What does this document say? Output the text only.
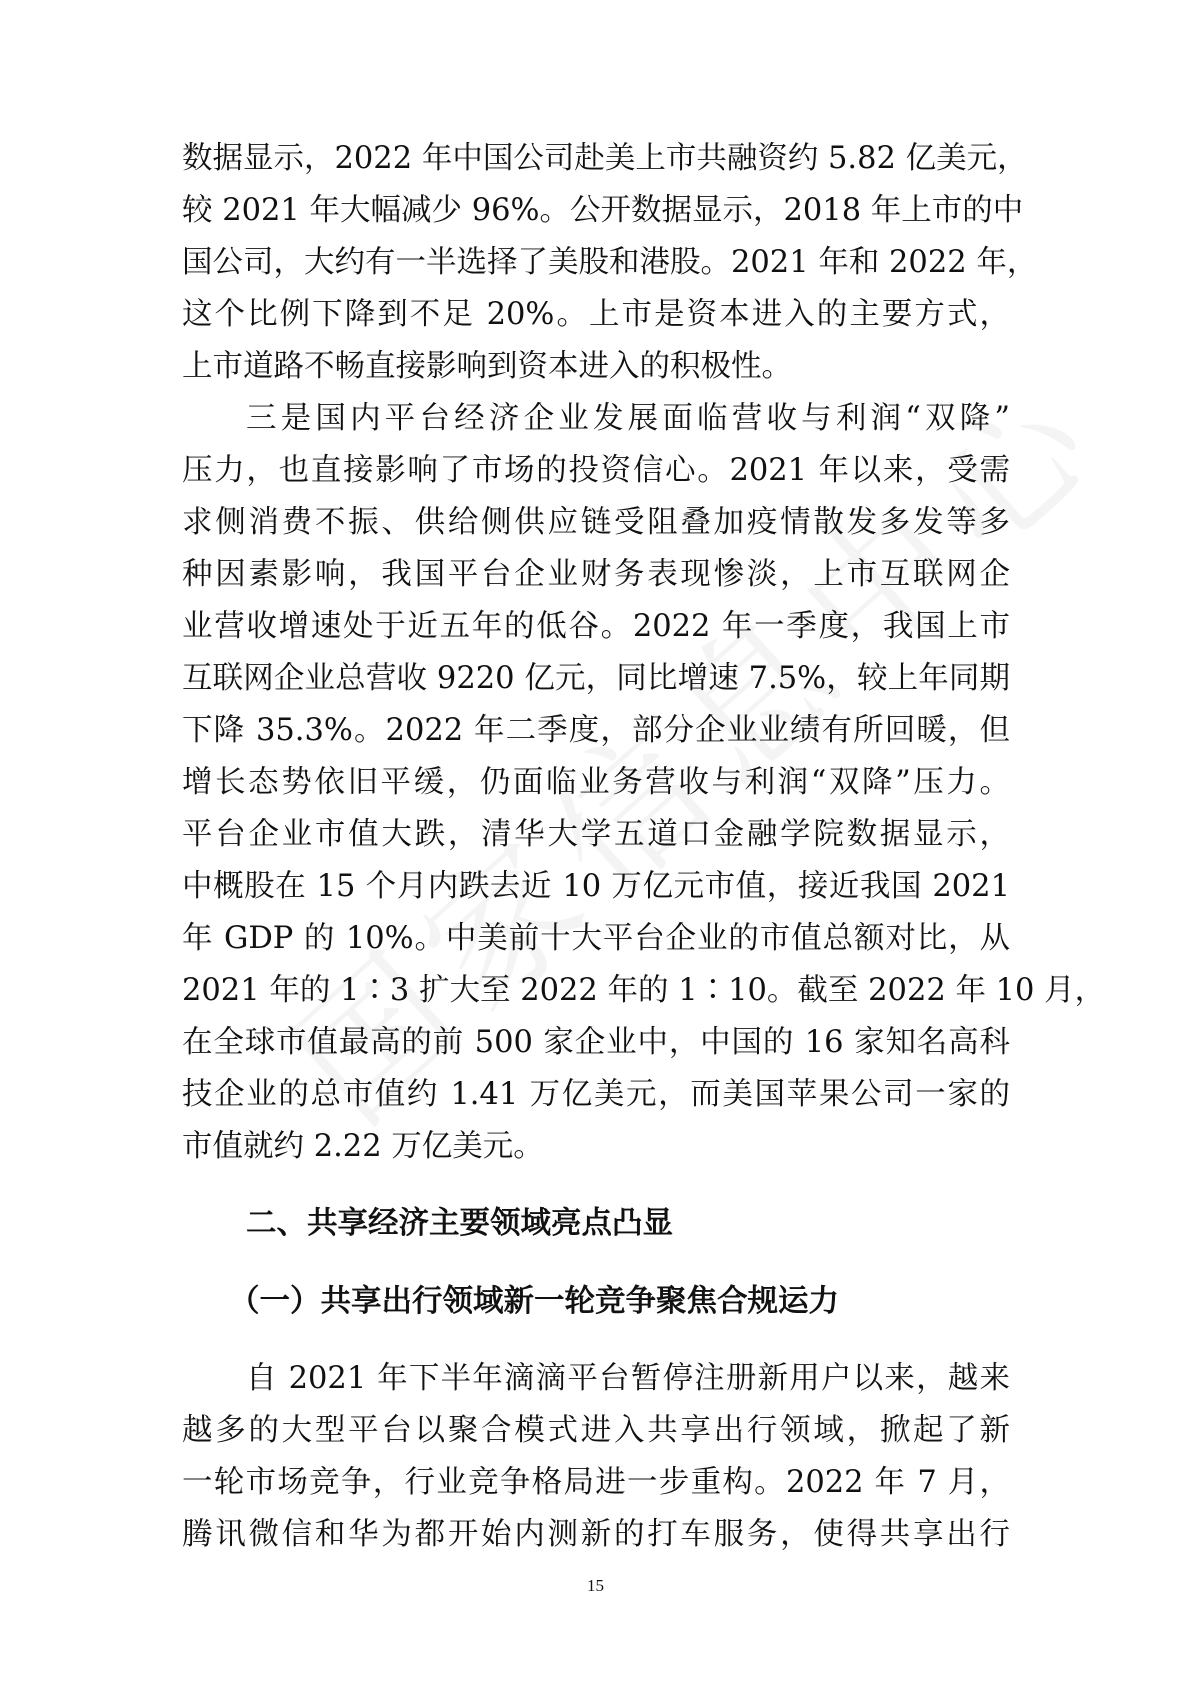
数据显示，2022 年中国公司赴美上市共融资约 5.82 亿美元，
较 2021 年大幅减少 96%。公开数据显示，2018 年上市的中
国公司，大约有一半选择了美股和港股。2021 年和 2022 年，
这个比例下降到不足 20%。上市是资本进入的主要方式，
上市道路不畅直接影响到资本进入的积极性。
三是国内平台经济企业发展面临营收与利润“双降”
压力，也直接影响了市场的投资信心。2021 年以来，受需
求侧消费不振、供给侧供应链受阻叠加疫情散发多发等多
种因素影响，我国平台企业财务表现惨淡，上市互联网企
业营收增速处于近五年的低谷。2022 年一季度，我国上市
互联网企业总营收 9220 亿元，同比增速 7.5%，较上年同期
下降 35.3%。2022 年二季度，部分企业业绩有所回暖，但
增长态势依旧平缓，仍面临业务营收与利润“双降”压力。
平台企业市值大跌，清华大学五道口金融学院数据显示，
中概股在 15 个月内跌去近 10 万亿元市值，接近我国 2021
年 GDP 的 10%。中美前十大平台企业的市值总额对比，从
2021 年的 1∶3 扩大至 2022 年的 1∶10。截至 2022 年 10 月，
在全球市值最高的前 500 家企业中，中国的 16 家知名高科
技企业的总市值约 1.41 万亿美元，而美国苹果公司一家的
市值就约 2.22 万亿美元。
二、共享经济主要领域亮点凸显
（一）共享出行领域新一轮竞争聚焦合规运力
自 2021 年下半年滴滴平台暂停注册新用户以来，越来
越多的大型平台以聚合模式进入共享出行领域，掀起了新
一轮市场竞争，行业竞争格局进一步重构。2022 年 7 月，
腾讯微信和华为都开始内测新的打车服务，使得共享出行
15
